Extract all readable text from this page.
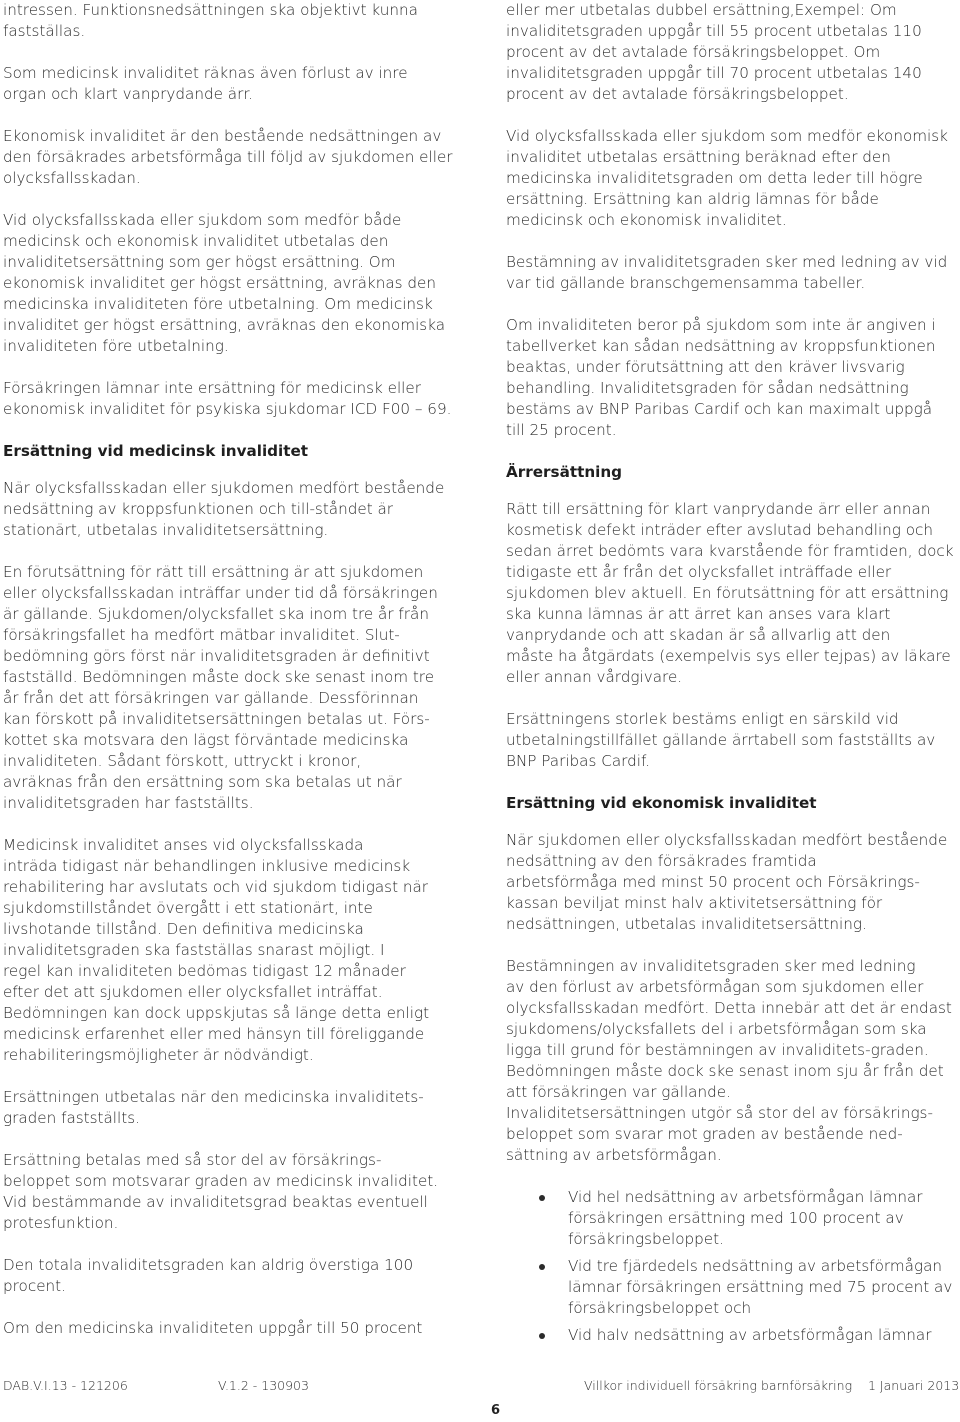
intressen. Funktionsnedsättningen ska objektivt kunna
fastställas.

Som medicinsk invaliditet räknas även förlust av inre
organ och klart vanprydande ärr.

Ekonomisk invaliditet är den bestående nedsättningen av
den försäkrades arbetsförmåga till följd av sjukdomen eller
olycksfallsskadan.

Vid olycksfallsskada eller sjukdom som medför både
medicinsk och ekonomisk invaliditet utbetalas den
invaliditetsersättning som ger högst ersättning. Om
ekonomisk invaliditet ger högst ersättning, avräknas den
medicinska invaliditeten före utbetalning. Om medicinsk
invaliditet ger högst ersättning, avräknas den ekonomiska
invaliditeten före utbetalning.

Försäkringen lämnar inte ersättning för medicinsk eller
ekonomisk invaliditet för psykiska sjukdomar ICD F00 – 69.

Ersättning vid medicinsk invaliditet

När olycksfallsskadan eller sjukdomen medfört bestående
nedsättning av kroppsfunktionen och till-ståndet är
stationärt, utbetalas invaliditetsersättning.

En förutsättning för rätt till ersättning är att sjukdomen
eller olycksfallsskadan inträffar under tid då försäkringen
är gällande. Sjukdomen/olycksfallet ska inom tre år från
försäkringsfallet ha medfört mätbar invaliditet. Slut-
bedömning görs först när invaliditetsgraden är definitivt
fastställd. Bedömningen måste dock ske senast inom tre
år från det att försäkringen var gällande. Dessförinnan
kan förskott på invaliditetsersättningen betalas ut. Förs-
kottet ska motsvara den lägst förväntade medicinska
invaliditeten. Sådant förskott, uttryckt i kronor,
avräknas från den ersättning som ska betalas ut när
invaliditetsgraden har fastställts.

Medicinsk invaliditet anses vid olycksfallsskada
inträda tidigast när behandlingen inklusive medicinsk
rehabilitering har avslutats och vid sjukdom tidigast när
sjukdomstillståndet övergått i ett stationärt, inte
livshotande tillstånd. Den definitiva medicinska
invaliditetsgraden ska fastställas snarast möjligt. I
regel kan invaliditeten bedömas tidigast 12 månader
efter det att sjukdomen eller olycksfallet inträffat.
Bedömningen kan dock uppskjutas så länge detta enligt
medicinsk erfarenhet eller med hänsyn till föreliggande
rehabiliteringsmöjligheter är nödvändigt.

Ersättningen utbetalas när den medicinska invaliditets-
graden fastställts.

Ersättning betalas med så stor del av försäkrings-
beloppet som motsvarar graden av medicinsk invaliditet.
Vid bestämmande av invaliditetsgrad beaktas eventuell
protesfunktion.

Den totala invaliditetsgraden kan aldrig överstiga 100
procent.

Om den medicinska invaliditeten uppgår till 50 procent

eller mer utbetalas dubbel ersättning,Exempel: Om
invaliditetsgraden uppgår till 55 procent utbetalas 110
procent av det avtalade försäkringsbeloppet. Om
invaliditetsgraden uppgår till 70 procent utbetalas 140
procent av det avtalade försäkringsbeloppet.

Vid olycksfallsskada eller sjukdom som medför ekonomisk
invaliditet utbetalas ersättning beräknad efter den
medicinska invaliditetsgraden om detta leder till högre
ersättning. Ersättning kan aldrig lämnas för både
medicinsk och ekonomisk invaliditet.

Bestämning av invaliditetsgraden sker med ledning av vid
var tid gällande branschgemensamma tabeller.

Om invaliditeten beror på sjukdom som inte är angiven i
tabellverket kan sådan nedsättning av kroppsfunktionen
beaktas, under förutsättning att den kräver livsvarig
behandling. Invaliditetsgraden för sådan nedsättning
bestäms av BNP Paribas Cardif och kan maximalt uppgå
till 25 procent.

Ärrersättning

Rätt till ersättning för klart vanprydande ärr eller annan
kosmetisk defekt inträder efter avslutad behandling och
sedan ärret bedömts vara kvarstående för framtiden, dock
tidigaste ett år från det olycksfallet inträffade eller
sjukdomen blev aktuell. En förutsättning för att ersättning
ska kunna lämnas är att ärret kan anses vara klart
vanprydande och att skadan är så allvarlig att den
måste ha åtgärdats (exempelvis sys eller tejpas) av läkare
eller annan vårdgivare.

Ersättningens storlek bestäms enligt en särskild vid
utbetalningstillfället gällande ärrtabell som fastställts av
BNP Paribas Cardif.

Ersättning vid ekonomisk invaliditet

När sjukdomen eller olycksfallsskadan medfört bestående
nedsättning av den försäkrades framtida
arbetsförmåga med minst 50 procent och Försäkrings-
kassan beviljat minst halv aktivitetsersättning för
nedsättningen, utbetalas invaliditetsersättning.

Bestämningen av invaliditetsgraden sker med ledning
av den förlust av arbetsförmågan som sjukdomen eller
olycksfallsskadan medfört. Detta innebär att det är endast
sjukdomens/olycksfallets del i arbetsförmågan som ska
ligga till grund för bestämningen av invaliditets-graden.
Bedömningen måste dock ske senast inom sju år från det
att försäkringen var gällande.

Invaliditetsersättningen utgör så stor del av försäkrings-
beloppet som svarar mot graden av bestående ned-
sättning av arbetsförmågan.

Vid hel nedsättning av arbetsförmågan lämnar
försäkringen ersättning med 100 procent av
försäkringsbeloppet.
Vid tre fjärdedels nedsättning av arbetsförmågan
lämnar försäkringen ersättning med 75 procent av
försäkringsbeloppet och
Vid halv nedsättning av arbetsförmågan lämnar
DAB.V.I.13 - 121206	V.1.2 - 130903	Villkor individuell försäkring barnförsäkring 1 Januari 2013
6
